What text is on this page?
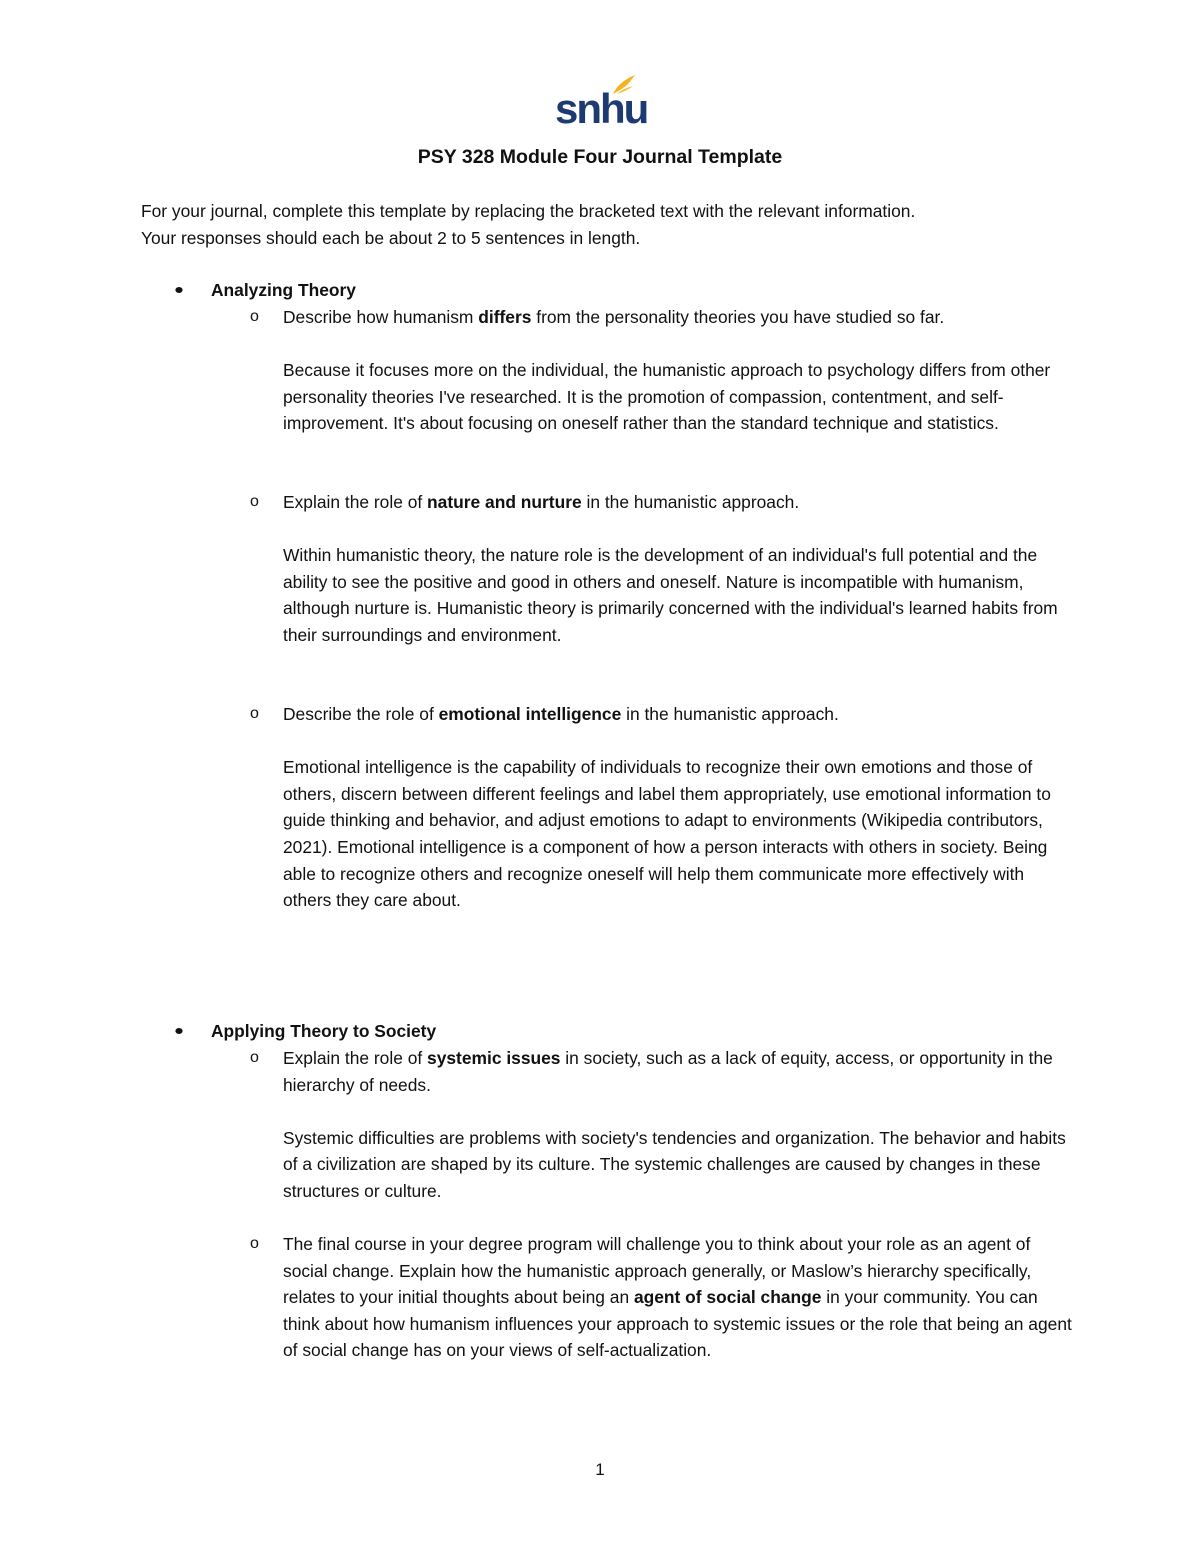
snhu
PSY 328 Module Four Journal Template
For your journal, complete this template by replacing the bracketed text with the relevant information.
Your responses should each be about 2 to 5 sentences in length.
Analyzing Theory
o Describe how humanism differs from the personality theories you have studied so far.

Because it focuses more on the individual, the humanistic approach to psychology differs from other personality theories I've researched. It is the promotion of compassion, contentment, and self-improvement. It's about focusing on oneself rather than the standard technique and statistics.

o Explain the role of nature and nurture in the humanistic approach.

Within humanistic theory, the nature role is the development of an individual's full potential and the ability to see the positive and good in others and oneself. Nature is incompatible with humanism, although nurture is. Humanistic theory is primarily concerned with the individual's learned habits from their surroundings and environment.

o Describe the role of emotional intelligence in the humanistic approach.

Emotional intelligence is the capability of individuals to recognize their own emotions and those of others, discern between different feelings and label them appropriately, use emotional information to guide thinking and behavior, and adjust emotions to adapt to environments (Wikipedia contributors, 2021). Emotional intelligence is a component of how a person interacts with others in society. Being able to recognize others and recognize oneself will help them communicate more effectively with others they care about.

Applying Theory to Society
o Explain the role of systemic issues in society, such as a lack of equity, access, or opportunity in the hierarchy of needs.

Systemic difficulties are problems with society's tendencies and organization. The behavior and habits of a civilization are shaped by its culture. The systemic challenges are caused by changes in these structures or culture.

o The final course in your degree program will challenge you to think about your role as an agent of social change. Explain how the humanistic approach generally, or Maslow’s hierarchy specifically, relates to your initial thoughts about being an agent of social change in your community. You can think about how humanism influences your approach to systemic issues or the role that being an agent of social change has on your views of self-actualization.

1
